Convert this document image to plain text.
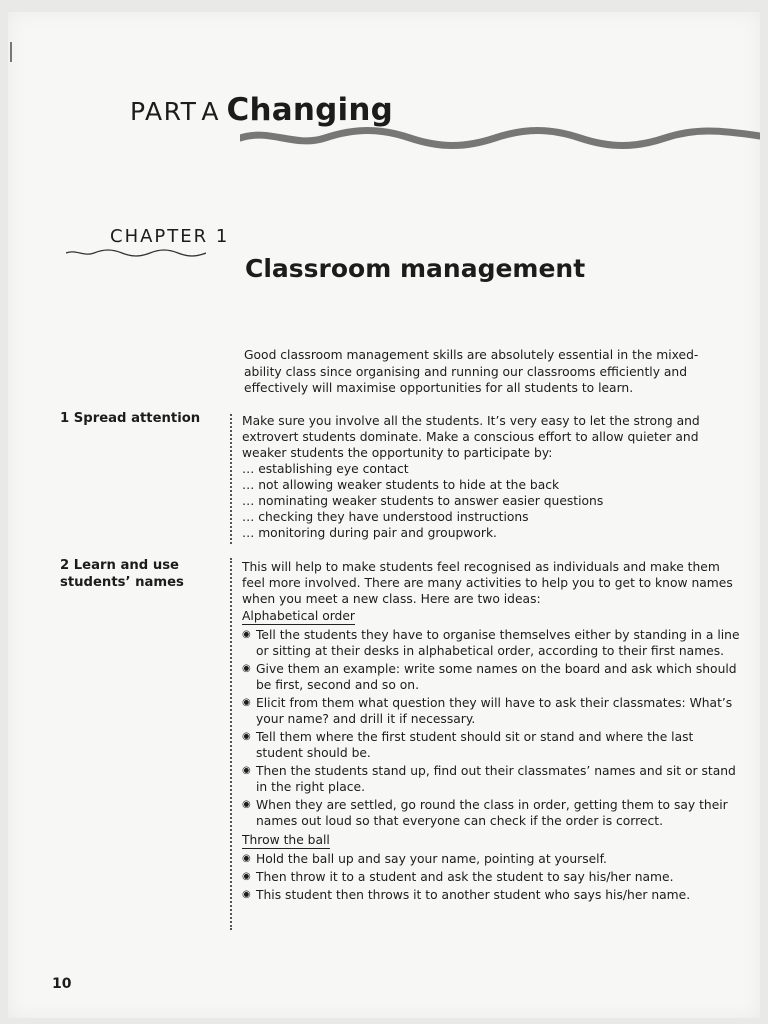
PART A Changing
CHAPTER 1
Classroom management

Good classroom management skills are absolutely essential in the mixed-ability class since organising and running our classrooms efficiently and effectively will maximise opportunities for all students to learn.

1 Spread attention	Make sure you involve all the students. It’s very easy to let the strong and extrovert students dominate. Make a conscious effort to allow quieter and weaker students the opportunity to participate by:
… establishing eye contact
… not allowing weaker students to hide at the back
… nominating weaker students to answer easier questions
… checking they have understood instructions
… monitoring during pair and groupwork.
2 Learn and use students’ names
This will help to make students feel recognised as individuals and make them feel more involved. There are many activities to help you to get to know names when you meet a new class. Here are two ideas:
Alphabetical order
◉ Tell the students they have to organise themselves either by standing in a line or sitting at their desks in alphabetical order, according to their first names.
◉ Give them an example: write some names on the board and ask which should be first, second and so on.
◉ Elicit from them what question they will have to ask their classmates: What’s your name? and drill it if necessary.
◉ Tell them where the first student should sit or stand and where the last student should be.
◉ Then the students stand up, find out their classmates’ names and sit or stand in the right place.
◉ When they are settled, go round the class in order, getting them to say their names out loud so that everyone can check if the order is correct.
Throw the ball
◉ Hold the ball up and say your name, pointing at yourself.
◉ Then throw it to a student and ask the student to say his/her name.
◉ This student then throws it to another student who says his/her name.
10
